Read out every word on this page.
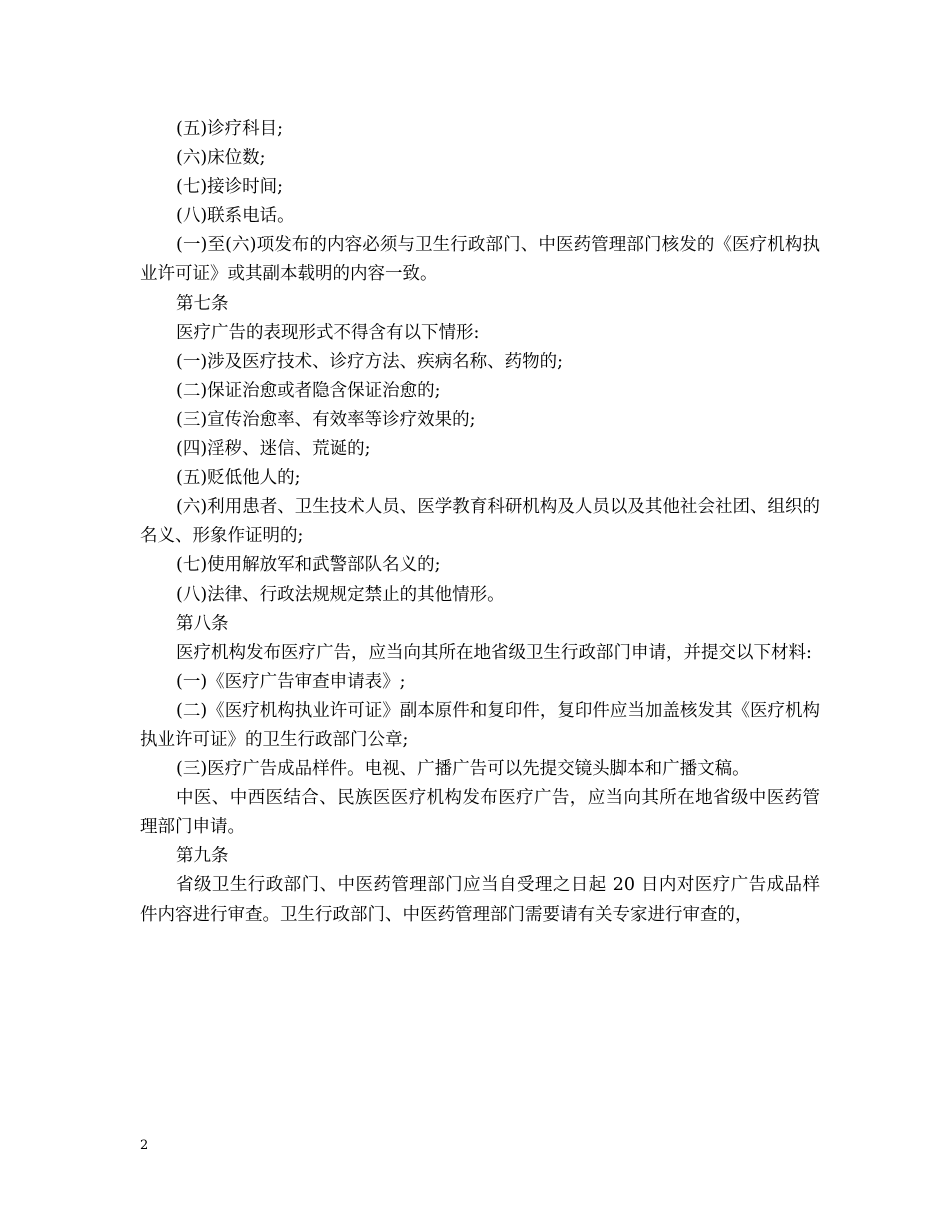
(五)诊疗科目;

(六)床位数;

(七)接诊时间;

(八)联系电话。

(一)至(六)项发布的内容必须与卫生行政部门、中医药管理部门核发的《医疗机构执业许可证》或其副本载明的内容一致。

第七条

医疗广告的表现形式不得含有以下情形:

(一)涉及医疗技术、诊疗方法、疾病名称、药物的;

(二)保证治愈或者隐含保证治愈的;

(三)宣传治愈率、有效率等诊疗效果的;

(四)淫秽、迷信、荒诞的;

(五)贬低他人的;

(六)利用患者、卫生技术人员、医学教育科研机构及人员以及其他社会社团、组织的名义、形象作证明的;

(七)使用解放军和武警部队名义的;

(八)法律、行政法规规定禁止的其他情形。

第八条

医疗机构发布医疗广告，应当向其所在地省级卫生行政部门申请，并提交以下材料:

(一)《医疗广告审查申请表》;

(二)《医疗机构执业许可证》副本原件和复印件，复印件应当加盖核发其《医疗机构执业许可证》的卫生行政部门公章;

(三)医疗广告成品样件。电视、广播广告可以先提交镜头脚本和广播文稿。

中医、中西医结合、民族医医疗机构发布医疗广告，应当向其所在地省级中医药管理部门申请。

第九条

省级卫生行政部门、中医药管理部门应当自受理之日起 20 日内对医疗广告成品样件内容进行审查。卫生行政部门、中医药管理部门需要请有关专家进行审查的，

2
